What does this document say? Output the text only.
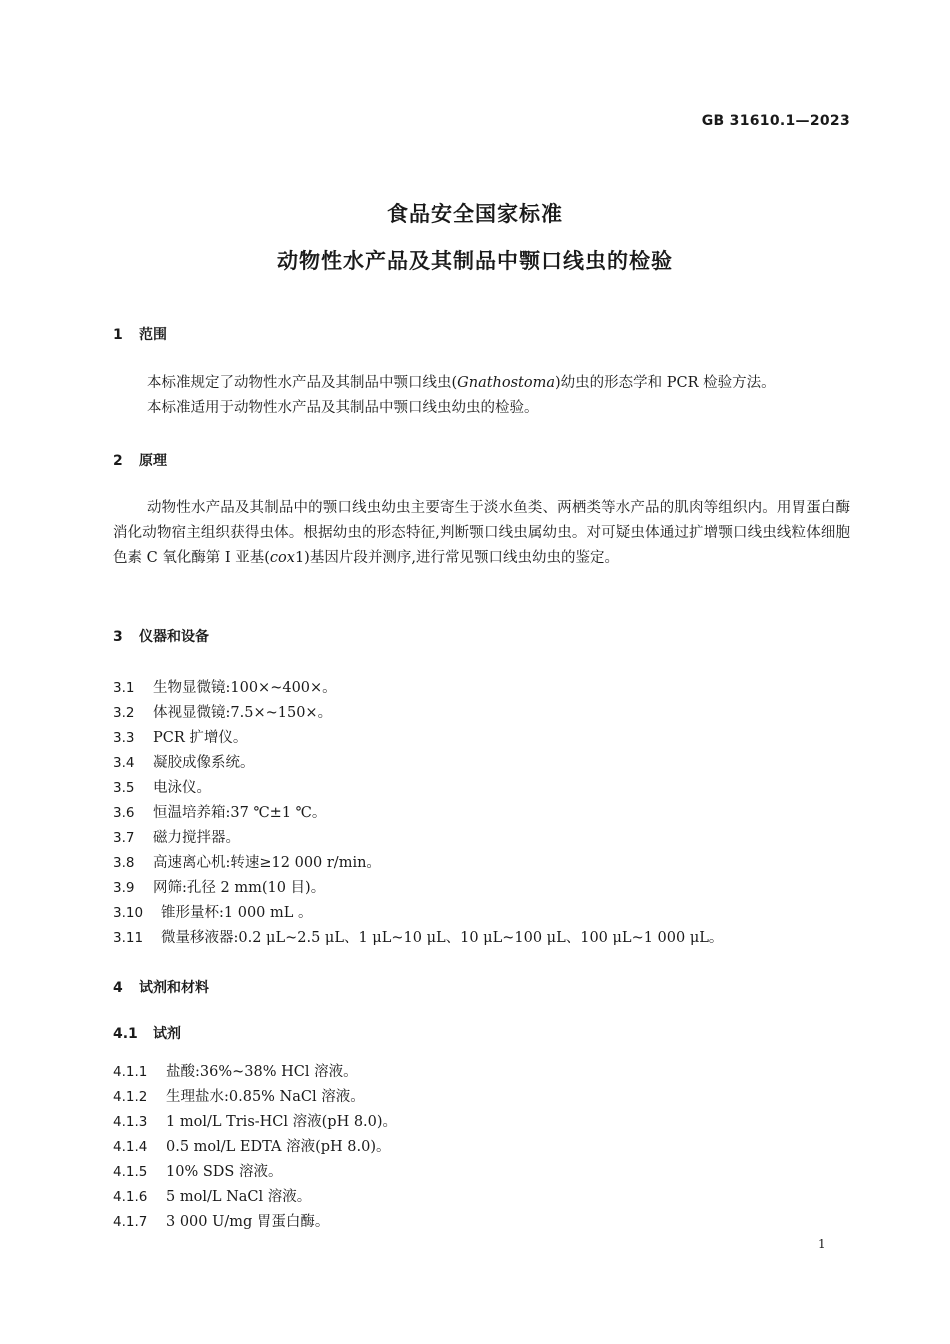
GB 31610.1—2023
食品安全国家标准
动物性水产品及其制品中颚口线虫的检验
1 范围
本标准规定了动物性水产品及其制品中颚口线虫(Gnathostoma)幼虫的形态学和 PCR 检验方法。
本标准适用于动物性水产品及其制品中颚口线虫幼虫的检验。
2 原理
动物性水产品及其制品中的颚口线虫幼虫主要寄生于淡水鱼类、两栖类等水产品的肌肉等组织内。用胃蛋白酶消化动物宿主组织获得虫体。根据幼虫的形态特征,判断颚口线虫属幼虫。对可疑虫体通过扩增颚口线虫线粒体细胞色素 C 氧化酶第 I 亚基(cox1)基因片段并测序,进行常见颚口线虫幼虫的鉴定。
3 仪器和设备
3.1 生物显微镜:100×~400×。
3.2 体视显微镜:7.5×~150×。
3.3 PCR 扩增仪。
3.4 凝胶成像系统。
3.5 电泳仪。
3.6 恒温培养箱:37 ℃±1 ℃。
3.7 磁力搅拌器。
3.8 高速离心机:转速≥12 000 r/min。
3.9 网筛:孔径 2 mm(10 目)。
3.10 锥形量杯:1 000 mL 。
3.11 微量移液器:0.2 μL~2.5 μL、1 μL~10 μL、10 μL~100 μL、100 μL~1 000 μL。
4 试剂和材料
4.1 试剂
4.1.1 盐酸:36%~38% HCl 溶液。
4.1.2 生理盐水:0.85% NaCl 溶液。
4.1.3 1 mol/L Tris-HCl 溶液(pH 8.0)。
4.1.4 0.5 mol/L EDTA 溶液(pH 8.0)。
4.1.5 10% SDS 溶液。
4.1.6 5 mol/L NaCl 溶液。
4.1.7 3 000 U/mg 胃蛋白酶。
1
